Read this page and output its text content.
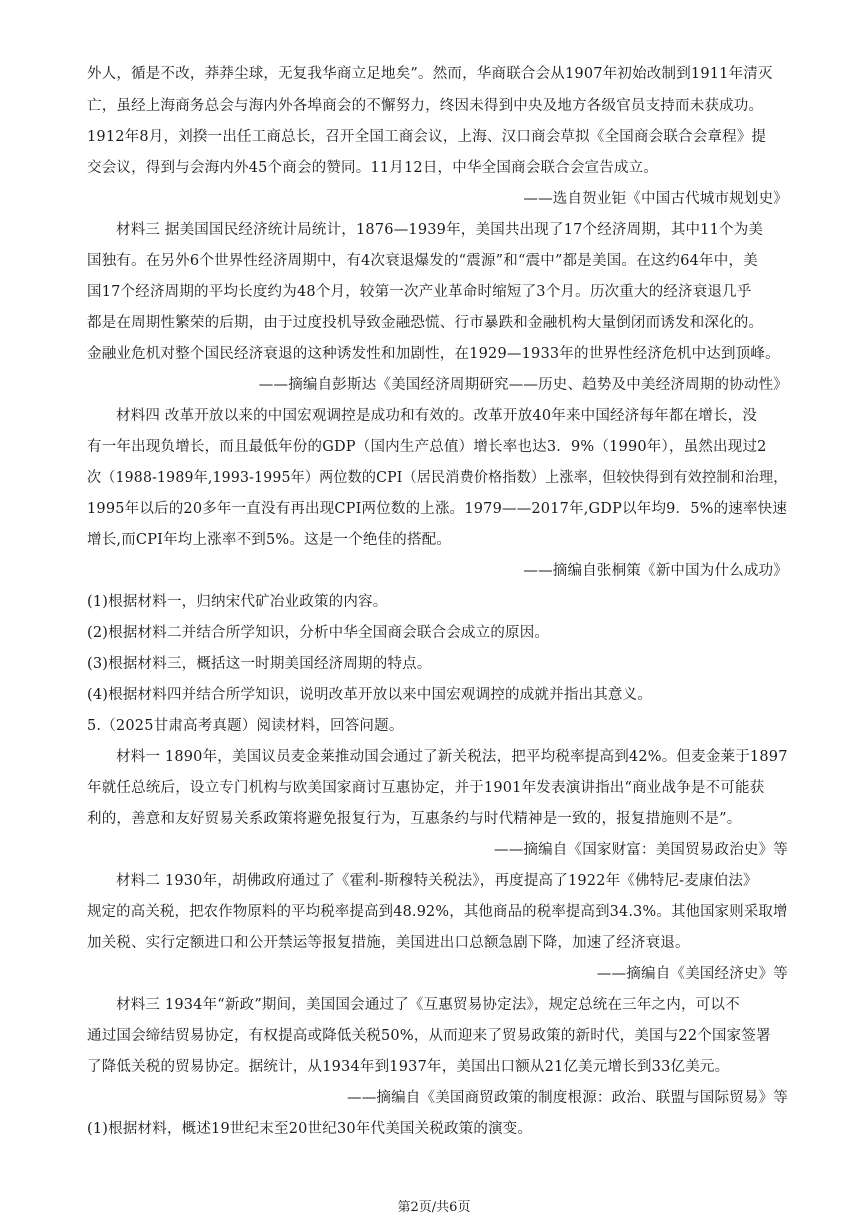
外人，循是不改，莽莽尘球，无复我华商立足地矣”。然而，华商联合会从1907年初始改制到1911年清灭
亡，虽经上海商务总会与海内外各埠商会的不懈努力，终因未得到中央及地方各级官员支持而未获成功。
1912年8月，刘揆一出任工商总长，召开全国工商会议，上海、汉口商会草拟《全国商会联合会章程》提
交会议，得到与会海内外45个商会的赞同。11月12日，中华全国商会联合会宣告成立。
——选自贺业钜《中国古代城市规划史》
材料三 据美国国民经济统计局统计，1876—1939年，美国共出现了17个经济周期，其中11个为美
国独有。在另外6个世界性经济周期中，有4次衰退爆发的“震源”和“震中”都是美国。在这约64年中，美
国17个经济周期的平均长度约为48个月，较第一次产业革命时缩短了3个月。历次重大的经济衰退几乎
都是在周期性繁荣的后期，由于过度投机导致金融恐慌、行市暴跌和金融机构大量倒闭而诱发和深化的。
金融业危机对整个国民经济衰退的这种诱发性和加剧性，在1929—1933年的世界性经济危机中达到顶峰。
——摘编自彭斯达《美国经济周期研究——历史、趋势及中美经济周期的协动性》
材料四 改革开放以来的中国宏观调控是成功和有效的。改革开放40年来中国经济每年都在增长，没
有一年出现负增长，而且最低年份的GDP（国内生产总值）增长率也达3．9%（1990年），虽然出现过2
次（1988-1989年,1993-1995年）两位数的CPI（居民消费价格指数）上涨率，但较快得到有效控制和治理，
1995年以后的20多年一直没有再出现CPI两位数的上涨。1979——2017年,GDP以年均9．5%的速率快速
增长,而CPI年均上涨率不到5%。这是一个绝佳的搭配。
——摘编自张桐策《新中国为什么成功》
(1)根据材料一，归纳宋代矿冶业政策的内容。
(2)根据材料二并结合所学知识，分析中华全国商会联合会成立的原因。
(3)根据材料三，概括这一时期美国经济周期的特点。
(4)根据材料四并结合所学知识，说明改革开放以来中国宏观调控的成就并指出其意义。
5.（2025甘肃高考真题）阅读材料，回答问题。
材料一 1890年，美国议员麦金莱推动国会通过了新关税法，把平均税率提高到42%。但麦金莱于1897
年就任总统后，设立专门机构与欧美国家商讨互惠协定，并于1901年发表演讲指出“商业战争是不可能获
利的，善意和友好贸易关系政策将避免报复行为，互惠条约与时代精神是一致的，报复措施则不是”。
——摘编自《国家财富：美国贸易政治史》等
材料二 1930年，胡佛政府通过了《霍利-斯穆特关税法》，再度提高了1922年《佛特尼-麦康伯法》
规定的高关税，把农作物原料的平均税率提高到48.92%，其他商品的税率提高到34.3%。其他国家则采取增
加关税、实行定额进口和公开禁运等报复措施，美国进出口总额急剧下降，加速了经济衰退。
——摘编自《美国经济史》等
材料三 1934年“新政”期间，美国国会通过了《互惠贸易协定法》，规定总统在三年之内，可以不
通过国会缔结贸易协定，有权提高或降低关税50%，从而迎来了贸易政策的新时代，美国与22个国家签署
了降低关税的贸易协定。据统计，从1934年到1937年，美国出口额从21亿美元增长到33亿美元。
——摘编自《美国商贸政策的制度根源：政治、联盟与国际贸易》等
(1)根据材料，概述19世纪末至20世纪30年代美国关税政策的演变。
第2页/共6页
